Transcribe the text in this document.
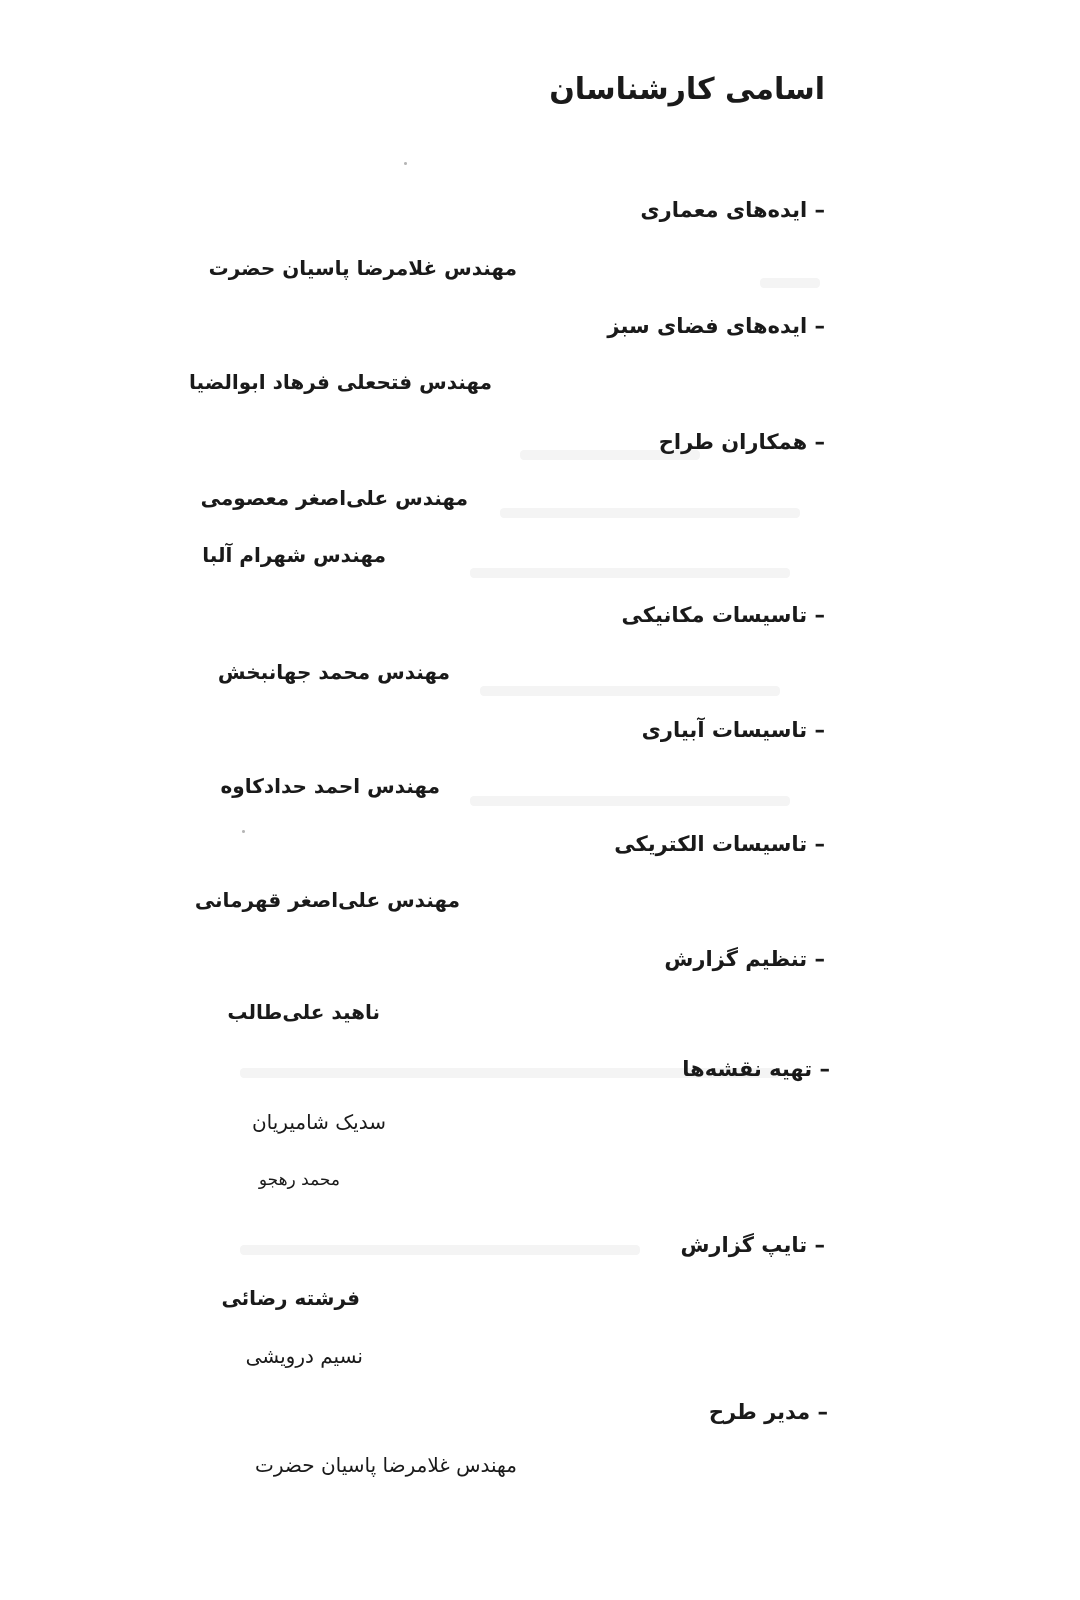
اسامی کارشناسان
– ایده‌های معماری
مهندس غلامرضا پاسیان حضرت
– ایده‌های فضای سبز
مهندس فتحعلی فرهاد ابوالضیا
– همکاران طراح
مهندس علی‌اصغر معصومی
مهندس شهرام آلبا
– تاسیسات مکانیکی
مهندس محمد جهانبخش
– تاسیسات آبیاری
مهندس احمد حدادکاوه
– تاسیسات الکتریکی
مهندس علی‌اصغر قهرمانی
– تنظیم گزارش
ناهید علی‌طالب
– تهیه نقشه‌ها
سدیک شامیریان
محمد رهجو
– تایپ گزارش
فرشته رضائی
نسیم درویشی
– مدیر طرح
مهندس غلامرضا پاسیان حضرت
